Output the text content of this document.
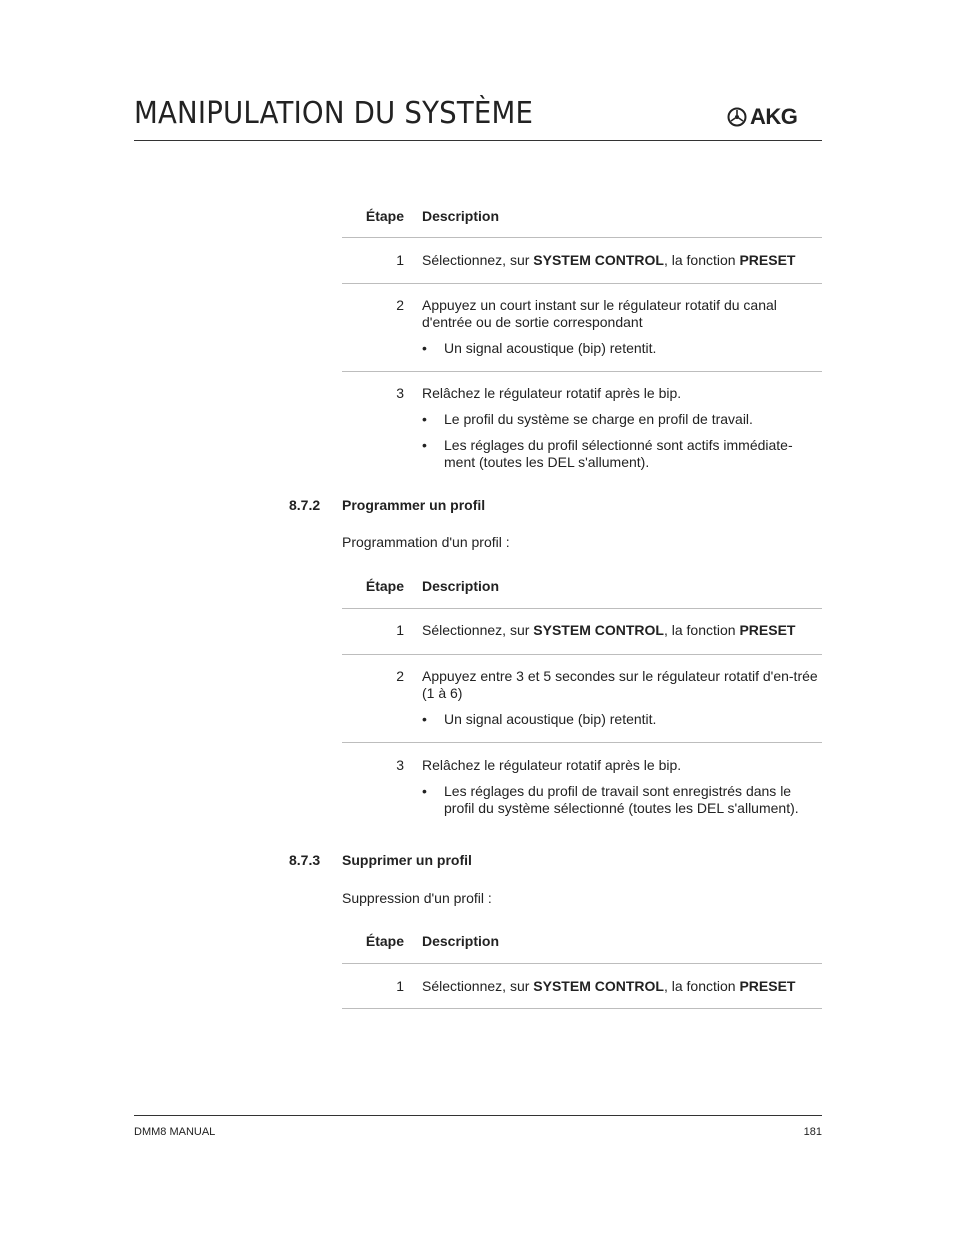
MANIPULATION DU SYSTÈME	AKG
Étape Description
1 Sélectionnez, sur SYSTEM CONTROL, la fonction PRESET
2 Appuyez un court instant sur le régulateur rotatif du canal d'entrée ou de sortie correspondant
•	Un signal acoustique (bip) retentit.
3 Relâchez le régulateur rotatif après le bip.
•	Le profil du système se charge en profil de travail.
•	Les réglages du profil sélectionné sont actifs immédiate-ment (toutes les DEL s'allument).
8.7.2 Programmer un profil
Programmation d'un profil :
Étape Description
1 Sélectionnez, sur SYSTEM CONTROL, la fonction PRESET
2 Appuyez entre 3 et 5 secondes sur le régulateur rotatif d'en-trée (1 à 6)
•	Un signal acoustique (bip) retentit.
3 Relâchez le régulateur rotatif après le bip.
•	Les réglages du profil de travail sont enregistrés dans le profil du système sélectionné (toutes les DEL s'allument).
8.7.3 Supprimer un profil
Suppression d'un profil :
Étape Description
1 Sélectionnez, sur SYSTEM CONTROL, la fonction PRESET
DMM8 MANUAL	181
